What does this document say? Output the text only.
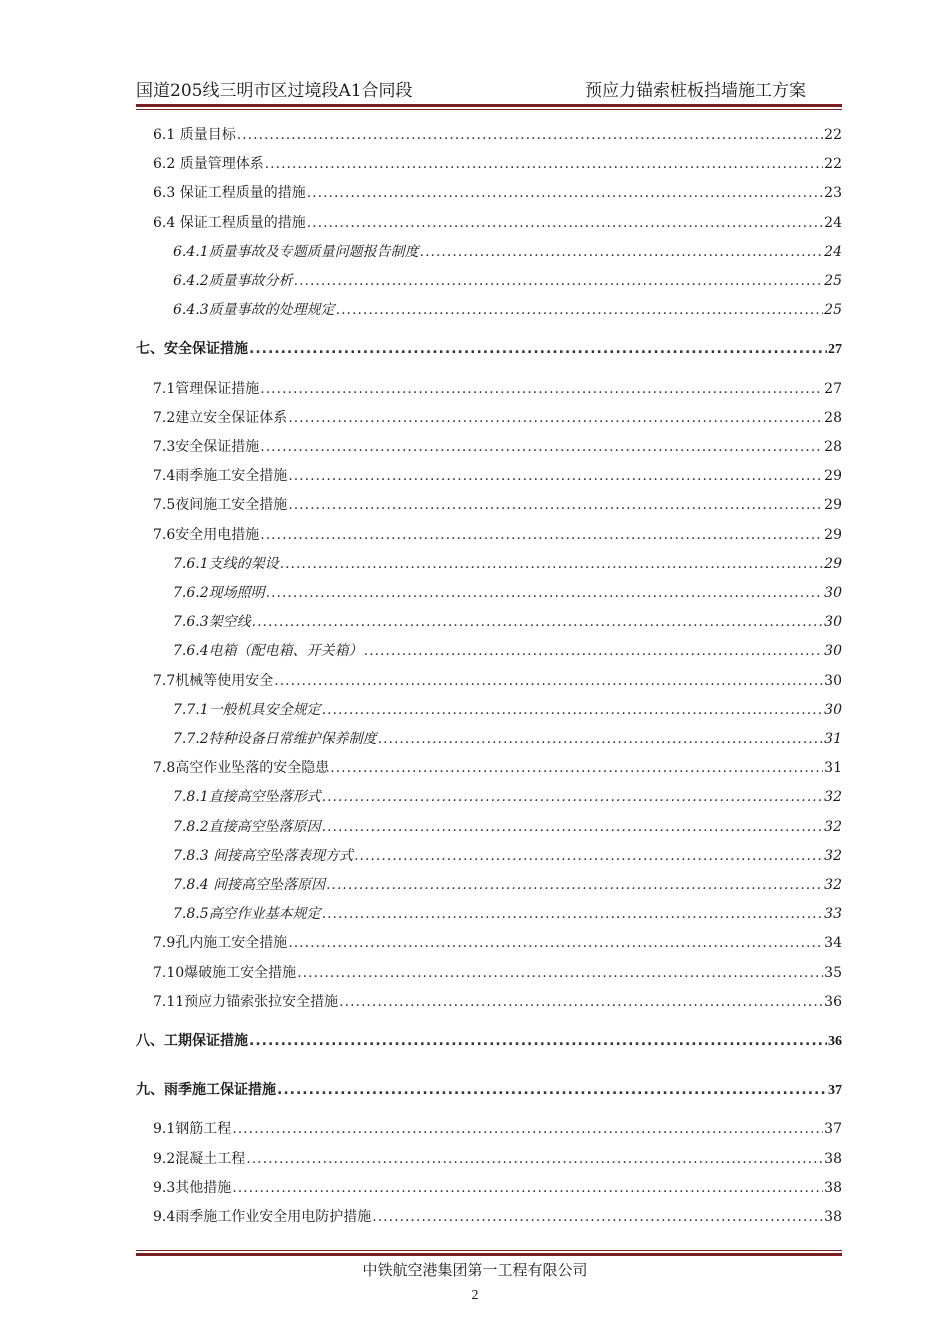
国道205线三明市区过境段A1合同段	预应力锚索桩板挡墙施工方案
6.1 质量目标 .....	22
6.2 质量管理体系 .....	22
6.3 保证工程质量的措施 .....	23
6.4 保证工程质量的措施 .....	24
6.4.1质量事故及专题质量问题报告制度 .....	24
6.4.2质量事故分析 .....	25
6.4.3质量事故的处理规定 .....	25
七、安全保证措施 .....	27
7.1管理保证措施 .....	27
7.2建立安全保证体系 .....	28
7.3安全保证措施 .....	28
7.4雨季施工安全措施 .....	29
7.5夜间施工安全措施 .....	29
7.6安全用电措施 .....	29
7.6.1支线的架设 .....	29
7.6.2现场照明 .....	30
7.6.3架空线 .....	30
7.6.4电箱（配电箱、开关箱） .....	30
7.7机械等使用安全 .....	30
7.7.1一般机具安全规定 .....	30
7.7.2特种设备日常维护保养制度 .....	31
7.8高空作业坠落的安全隐患 .....	31
7.8.1直接高空坠落形式 .....	32
7.8.2直接高空坠落原因 .....	32
7.8.3 间接高空坠落表现方式 .....	32
7.8.4 间接高空坠落原因 .....	32
7.8.5高空作业基本规定 .....	33
7.9孔内施工安全措施 .....	34
7.10爆破施工安全措施 .....	35
7.11预应力锚索张拉安全措施 .....	36
八、工期保证措施 .....	36
九、雨季施工保证措施 .....	37
9.1钢筋工程 .....	37
9.2混凝土工程 .....	38
9.3其他措施 .....	38
9.4雨季施工作业安全用电防护措施 .....	38
中铁航空港集团第一工程有限公司
2
